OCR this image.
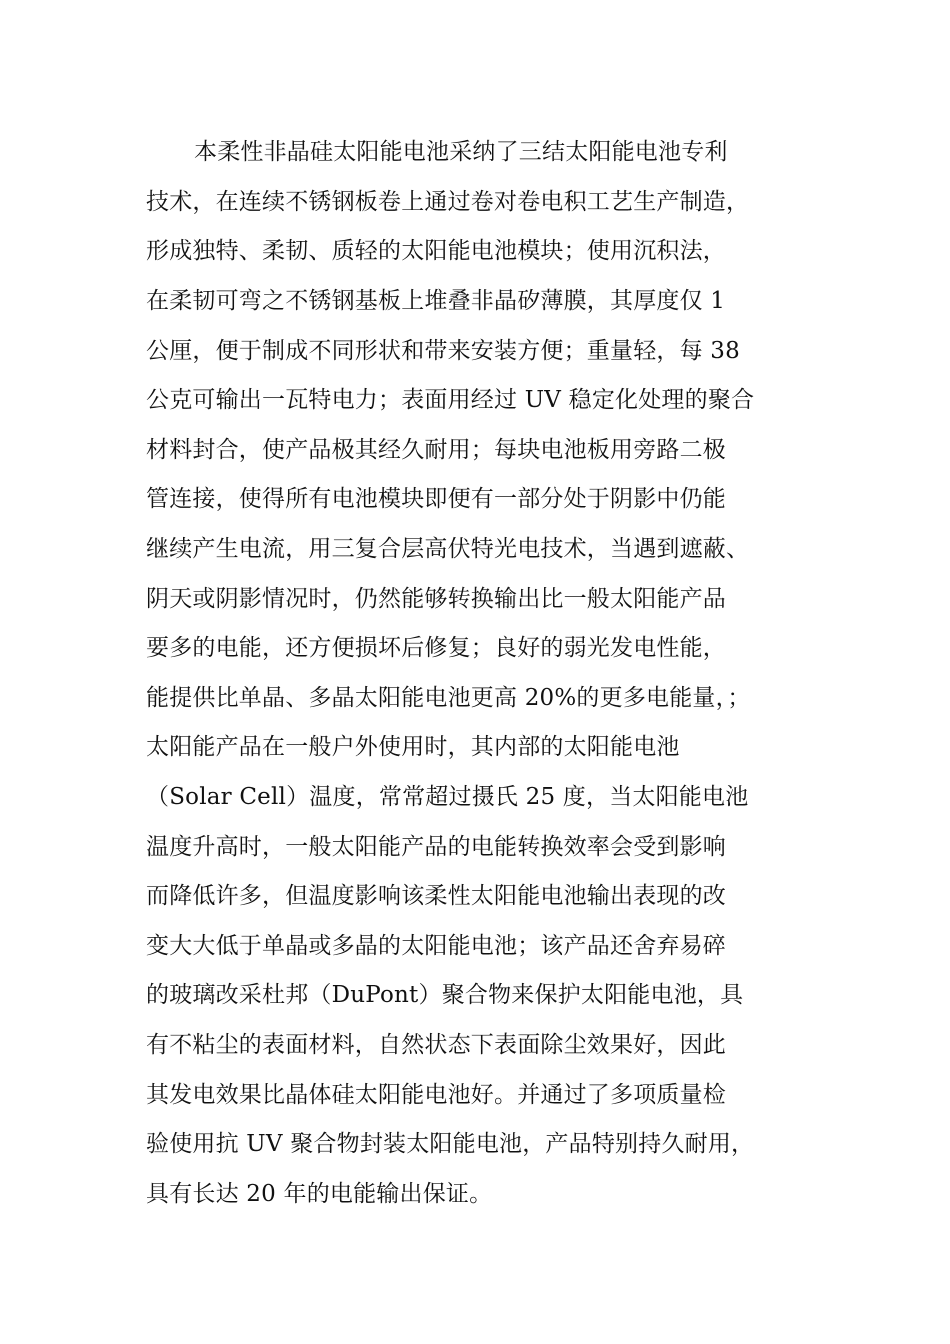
本柔性非晶硅太阳能电池采纳了三结太阳能电池专利
技术，在连续不锈钢板卷上通过卷对卷电积工艺生产制造，
形成独特、柔韧、质轻的太阳能电池模块；使用沉积法，
在柔韧可弯之不锈钢基板上堆叠非晶矽薄膜，其厚度仅 1
公厘，便于制成不同形状和带来安装方便；重量轻，每 38
公克可输出一瓦特电力；表面用经过 UV 稳定化处理的聚合
材料封合，使产品极其经久耐用；每块电池板用旁路二极
管连接，使得所有电池模块即便有一部分处于阴影中仍能
继续产生电流，用三复合层高伏特光电技术，当遇到遮蔽、
阴天或阴影情况时，仍然能够转换输出比一般太阳能产品
要多的电能，还方便损坏后修复；良好的弱光发电性能，
能提供比单晶、多晶太阳能电池更高 20%的更多电能量，；
太阳能产品在一般户外使用时，其内部的太阳能电池
（Solar Cell）温度，常常超过摄氏 25 度，当太阳能电池
温度升高时，一般太阳能产品的电能转换效率会受到影响
而降低许多，但温度影响该柔性太阳能电池输出表现的改
变大大低于单晶或多晶的太阳能电池；该产品还舍弃易碎
的玻璃改采杜邦（DuPont）聚合物来保护太阳能电池，具
有不粘尘的表面材料，自然状态下表面除尘效果好，因此
其发电效果比晶体硅太阳能电池好。并通过了多项质量检
验使用抗 UV 聚合物封装太阳能电池，产品特别持久耐用，
具有长达 20 年的电能输出保证。
